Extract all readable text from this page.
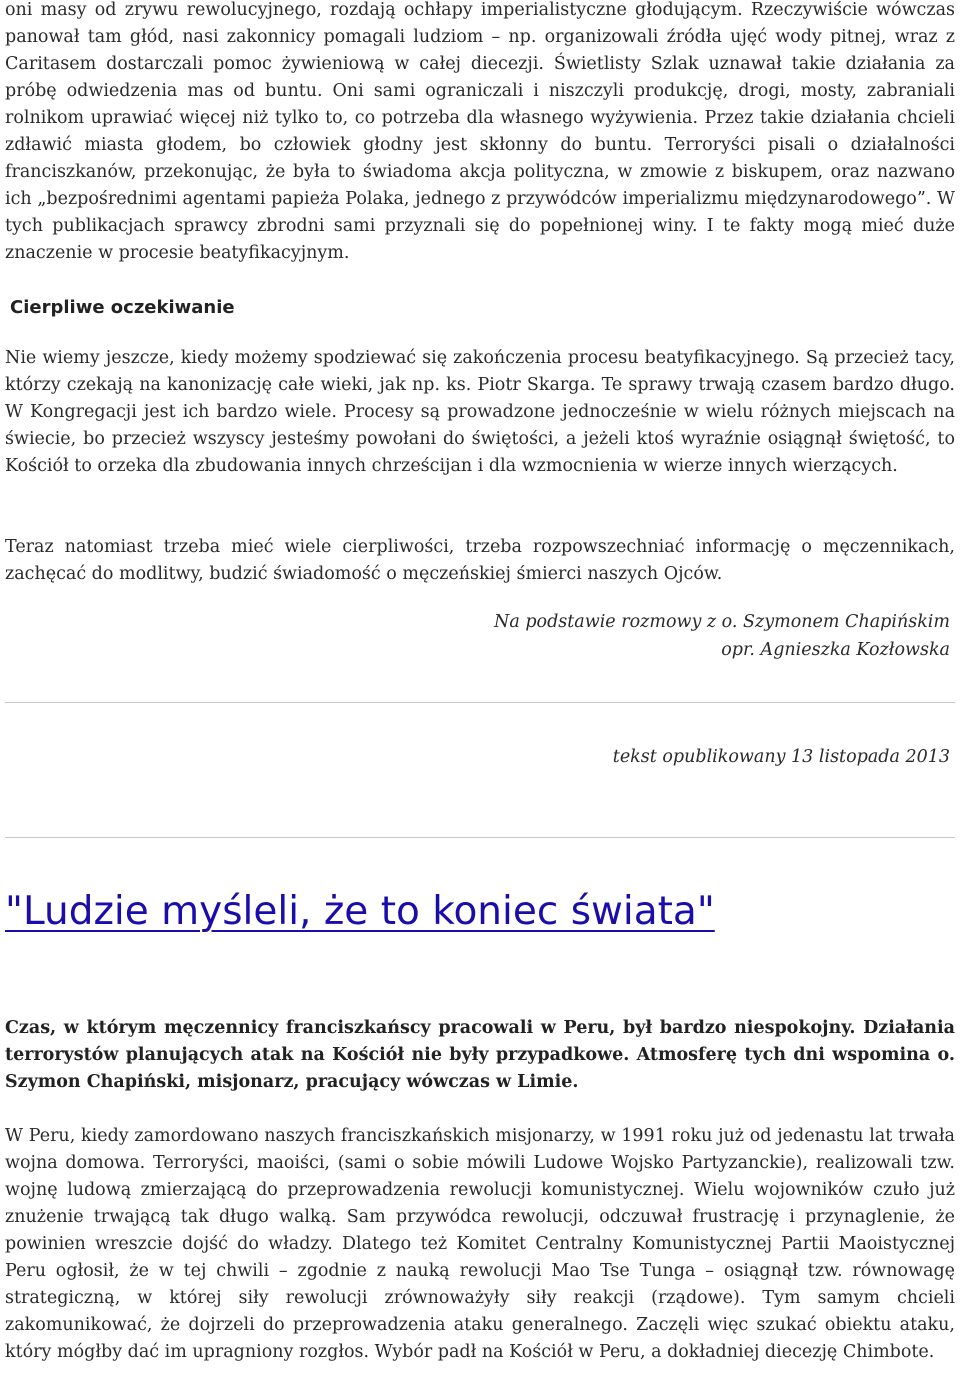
oni masy od zrywu rewolucyjnego, rozdają ochłapy imperialistyczne głodującym. Rzeczywiście wówczas panował tam głód, nasi zakonnicy pomagali ludziom – np. organizowali źródła ujęć wody pitnej, wraz z Caritasem dostarczali pomoc żywieniową w całej diecezji. Świetlisty Szlak uznawał takie działania za próbę odwiedzenia mas od buntu. Oni sami ograniczali i niszczyli produkcję, drogi, mosty, zabraniali rolnikom uprawiać więcej niż tylko to, co potrzeba dla własnego wyżywienia. Przez takie działania chcieli zdławić miasta głodem, bo człowiek głodny jest skłonny do buntu. Terroryści pisali o działalności franciszkanów, przekonując, że była to świadoma akcja polityczna, w zmowie z biskupem, oraz nazwano ich „bezpośrednimi agentami papieża Polaka, jednego z przywódców imperializmu międzynarodowego”. W tych publikacjach sprawcy zbrodni sami przyznali się do popełnionej winy. I te fakty mogą mieć duże znaczenie w procesie beatyfikacyjnym.

Cierpliwe oczekiwanie

Nie wiemy jeszcze, kiedy możemy spodziewać się zakończenia procesu beatyfikacyjnego. Są przecież tacy, którzy czekają na kanonizację całe wieki, jak np. ks. Piotr Skarga. Te sprawy trwają czasem bardzo długo. W Kongregacji jest ich bardzo wiele. Procesy są prowadzone jednocześnie w wielu różnych miejscach na świecie, bo przecież wszyscy jesteśmy powołani do świętości, a jeżeli ktoś wyraźnie osiągnął świętość, to Kościół to orzeka dla zbudowania innych chrześcijan i dla wzmocnienia w wierze innych wierzących.

Teraz natomiast trzeba mieć wiele cierpliwości, trzeba rozpowszechniać informację o męczennikach, zachęcać do modlitwy, budzić świadomość o męczeńskiej śmierci naszych Ojców.

Na podstawie rozmowy z o. Szymonem Chapińskim
opr. Agnieszka Kozłowska
tekst opublikowany 13 listopada 2013
"Ludzie myśleli, że to koniec świata"

Czas, w którym męczennicy franciszkańscy pracowali w Peru, był bardzo niespokojny. Działania terrorystów planujących atak na Kościół nie były przypadkowe. Atmosferę tych dni wspomina o. Szymon Chapiński, misjonarz, pracujący wówczas w Limie.

W Peru, kiedy zamordowano naszych franciszkańskich misjonarzy, w 1991 roku już od jedenastu lat trwała wojna domowa. Terroryści, maoiści, (sami o sobie mówili Ludowe Wojsko Partyzanckie), realizowali tzw. wojnę ludową zmierzającą do przeprowadzenia rewolucji komunistycznej. Wielu wojowników czuło już znużenie trwającą tak długo walką. Sam przywódca rewolucji, odczuwał frustrację i przynaglenie, że powinien wreszcie dojść do władzy. Dlatego też Komitet Centralny Komunistycznej Partii Maoistycznej Peru ogłosił, że w tej chwili – zgodnie z nauką rewolucji Mao Tse Tunga – osiągnął tzw. równowagę strategiczną, w której siły rewolucji zrównoważyły siły reakcji (rządowe). Tym samym chcieli zakomunikować, że dojrzeli do przeprowadzenia ataku generalnego. Zaczęli więc szukać obiektu ataku, który mógłby dać im upragniony rozgłos. Wybór padł na Kościół w Peru, a dokładniej diecezję Chimbote.
